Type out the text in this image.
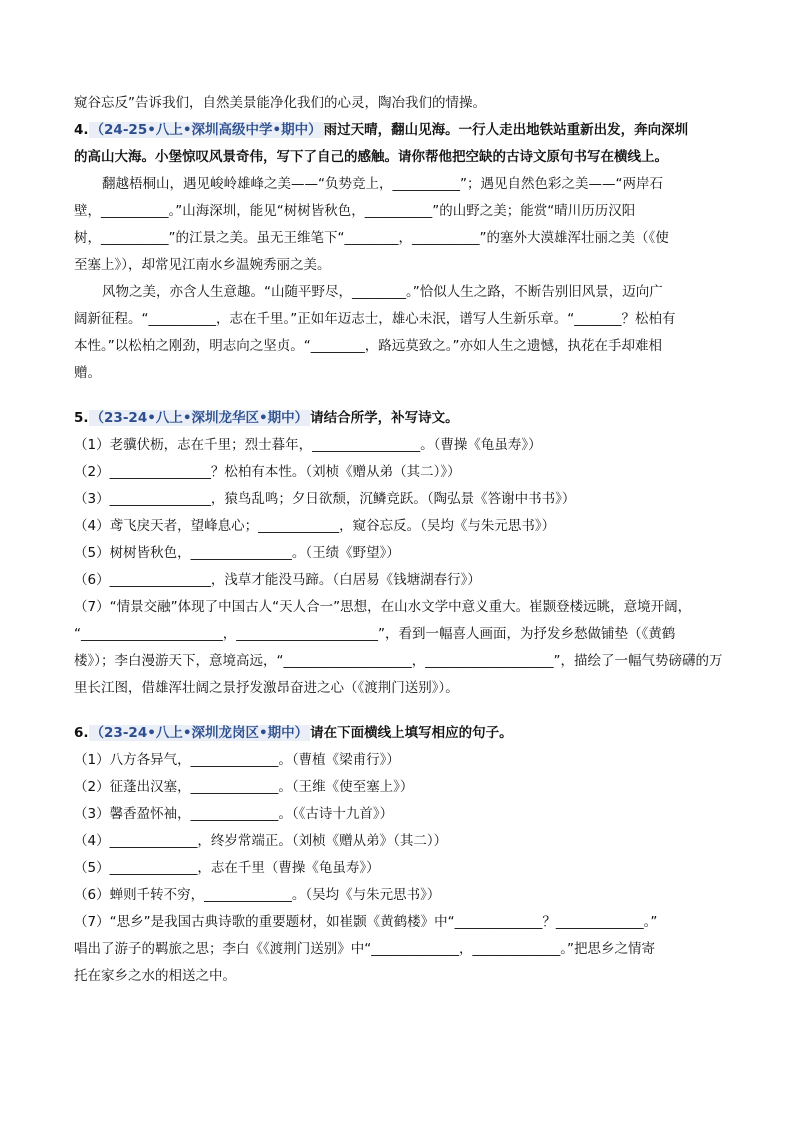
窥谷忘反”告诉我们，自然美景能净化我们的心灵，陶冶我们的情操。
4. （24-25•八上•深圳高级中学•期中） 雨过天晴，翻山见海。一行人走出地铁站重新出发，奔向深圳
的高山大海。小堡惊叹风景奇伟，写下了自己的感触。请你帮他把空缺的古诗文原句书写在横线上。
翻越梧桐山，遇见峻岭雄峰之美——“负势竞上，__________”；遇见自然色彩之美——“两岸石
壁，__________。”山海深圳，能见“树树皆秋色，__________”的山野之美；能赏“晴川历历汉阳
树，__________”的江景之美。虽无王维笔下“________，__________”的塞外大漠雄浑壮丽之美（《使
至塞上》），却常见江南水乡温婉秀丽之美。
风物之美，亦含人生意趣。“山随平野尽，________。”恰似人生之路，不断告别旧风景，迈向广
阔新征程。“__________，志在千里。”正如年迈志士，雄心未泯，谱写人生新乐章。“_______？松柏有
本性。”以松柏之刚劲，明志向之坚贞。“________，路远莫致之。”亦如人生之遗憾，执花在手却难相
赠。
5. （23-24•八上•深圳龙华区•期中） 请结合所学，补写诗文。
（1）老骥伏枥，志在千里；烈士暮年，________________。（曹操《龟虽寿》）
（2）_______________？松柏有本性。（刘桢《赠从弟（其二）》）
（3）_______________，猿鸟乱鸣；夕日欲颓，沉鳞竞跃。（陶弘景《答谢中书书》）
（4）鸢飞戾天者，望峰息心；____________，窥谷忘反。（吴均《与朱元思书》）
（5）树树皆秋色，_______________。（王绩《野望》）
（6）_______________，浅草才能没马蹄。（白居易《钱塘湖春行》）
（7）“情景交融”体现了中国古人“天人合一”思想，在山水文学中意义重大。崔颢登楼远眺，意境开阔，
“_____________________，_____________________”，看到一幅喜人画面，为抒发乡愁做铺垫（《黄鹤
楼》）；李白漫游天下，意境高远，“___________________，___________________”，描绘了一幅气势磅礴的万
里长江图，借雄浑壮阔之景抒发激昂奋进之心（《渡荆门送别》）。
6. （23-24•八上•深圳龙岗区•期中） 请在下面横线上填写相应的句子。
（1）八方各异气，_____________。（曹植《梁甫行》）
（2）征蓬出汉塞，_____________。（王维《使至塞上》）
（3）馨香盈怀袖，_____________。（《古诗十九首》）
（4）_____________，终岁常端正。（刘桢《赠从弟》（其二））
（5）_____________，志在千里（曹操《龟虽寿》）
（6）蝉则千转不穷，_____________。（吴均《与朱元思书》）
（7）“思乡”是我国古典诗歌的重要题材，如崔颢《黄鹤楼》中“_____________？_____________。”
唱出了游子的羁旅之思；李白《《渡荆门送别》中“_____________，_____________。”把思乡之情寄
托在家乡之水的相送之中。
